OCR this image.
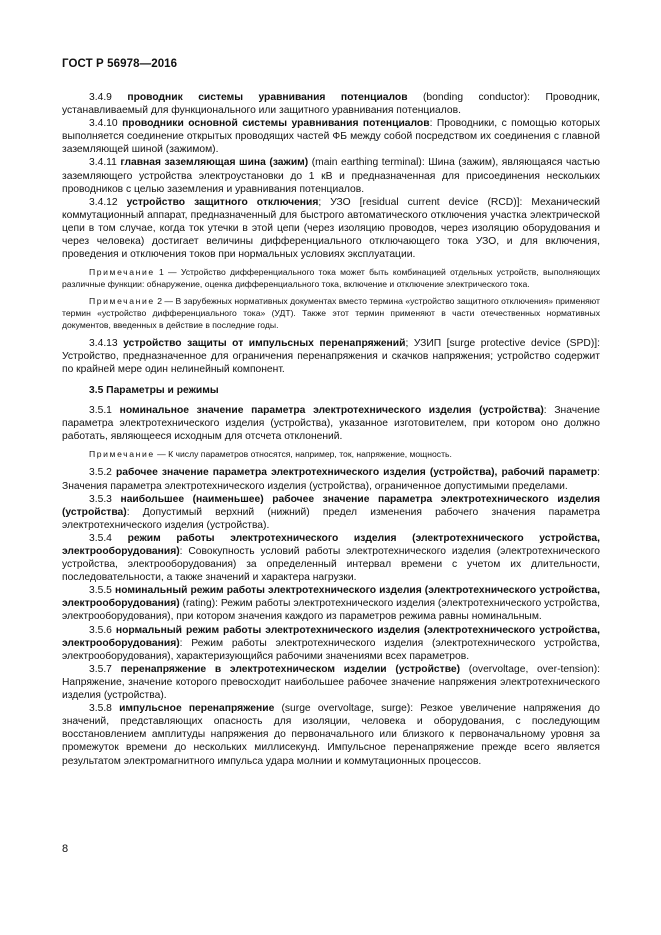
ГОСТ Р 56978—2016

3.4.9 проводник системы уравнивания потенциалов (bonding conductor): Проводник, устанавливаемый для функционального или защитного уравнивания потенциалов.

3.4.10 проводники основной системы уравнивания потенциалов: Проводники, с помощью которых выполняется соединение открытых проводящих частей ФБ между собой посредством их соединения с главной заземляющей шиной (зажимом).

3.4.11 главная заземляющая шина (зажим) (main earthing terminal): Шина (зажим), являющаяся частью заземляющего устройства электроустановки до 1 кВ и предназначенная для присоединения нескольких проводников с целью заземления и уравнивания потенциалов.

3.4.12 устройство защитного отключения; УЗО [residual current device (RCD)]: Механический коммутационный аппарат, предназначенный для быстрого автоматического отключения участка электрической цепи в том случае, когда ток утечки в этой цепи (через изоляцию проводов, через изоляцию оборудования и через человека) достигает величины дифференциального отключающего тока УЗО, и для включения, проведения и отключения токов при нормальных условиях эксплуатации.

Примечание 1 — Устройство дифференциального тока может быть комбинацией отдельных устройств, выполняющих различные функции: обнаружение, оценка дифференциального тока, включение и отключение электрического тока.

Примечание 2 — В зарубежных нормативных документах вместо термина «устройство защитного отключения» применяют термин «устройство дифференциального тока» (УДТ). Также этот термин применяют в части отечественных нормативных документов, введенных в действие в последние годы.

3.4.13 устройство защиты от импульсных перенапряжений; УЗИП [surge protective device (SPD)]: Устройство, предназначенное для ограничения перенапряжения и скачков напряжения; устройство содержит по крайней мере один нелинейный компонент.

3.5 Параметры и режимы

3.5.1 номинальное значение параметра электротехнического изделия (устройства): Значение параметра электротехнического изделия (устройства), указанное изготовителем, при котором оно должно работать, являющееся исходным для отсчета отклонений.

Примечание — К числу параметров относятся, например, ток, напряжение, мощность.

3.5.2 рабочее значение параметра электротехнического изделия (устройства), рабочий параметр: Значения параметра электротехнического изделия (устройства), ограниченное допустимыми пределами.

3.5.3 наибольшее (наименьшее) рабочее значение параметра электротехнического изделия (устройства): Допустимый верхний (нижний) предел изменения рабочего значения параметра электротехнического изделия (устройства).

3.5.4 режим работы электротехнического изделия (электротехнического устройства, электрооборудования): Совокупность условий работы электротехнического изделия (электротехнического устройства, электрооборудования) за определенный интервал времени с учетом их длительности, последовательности, а также значений и характера нагрузки.

3.5.5 номинальный режим работы электротехнического изделия (электротехнического устройства, электрооборудования) (rating): Режим работы электротехнического изделия (электротехнического устройства, электрооборудования), при котором значения каждого из параметров режима равны номинальным.

3.5.6 нормальный режим работы электротехнического изделия (электротехнического устройства, электрооборудования): Режим работы электротехнического изделия (электротехнического устройства, электрооборудования), характеризующийся рабочими значениями всех параметров.

3.5.7 перенапряжение в электротехническом изделии (устройстве) (overvoltage, over-tension): Напряжение, значение которого превосходит наибольшее рабочее значение напряжения электротехнического изделия (устройства).

3.5.8 импульсное перенапряжение (surge overvoltage, surge): Резкое увеличение напряжения до значений, представляющих опасность для изоляции, человека и оборудования, с последующим восстановлением амплитуды напряжения до первоначального или близкого к первоначальному уровня за промежуток времени до нескольких миллисекунд. Импульсное перенапряжение прежде всего является результатом электромагнитного импульса удара молнии и коммутационных процессов.

8
